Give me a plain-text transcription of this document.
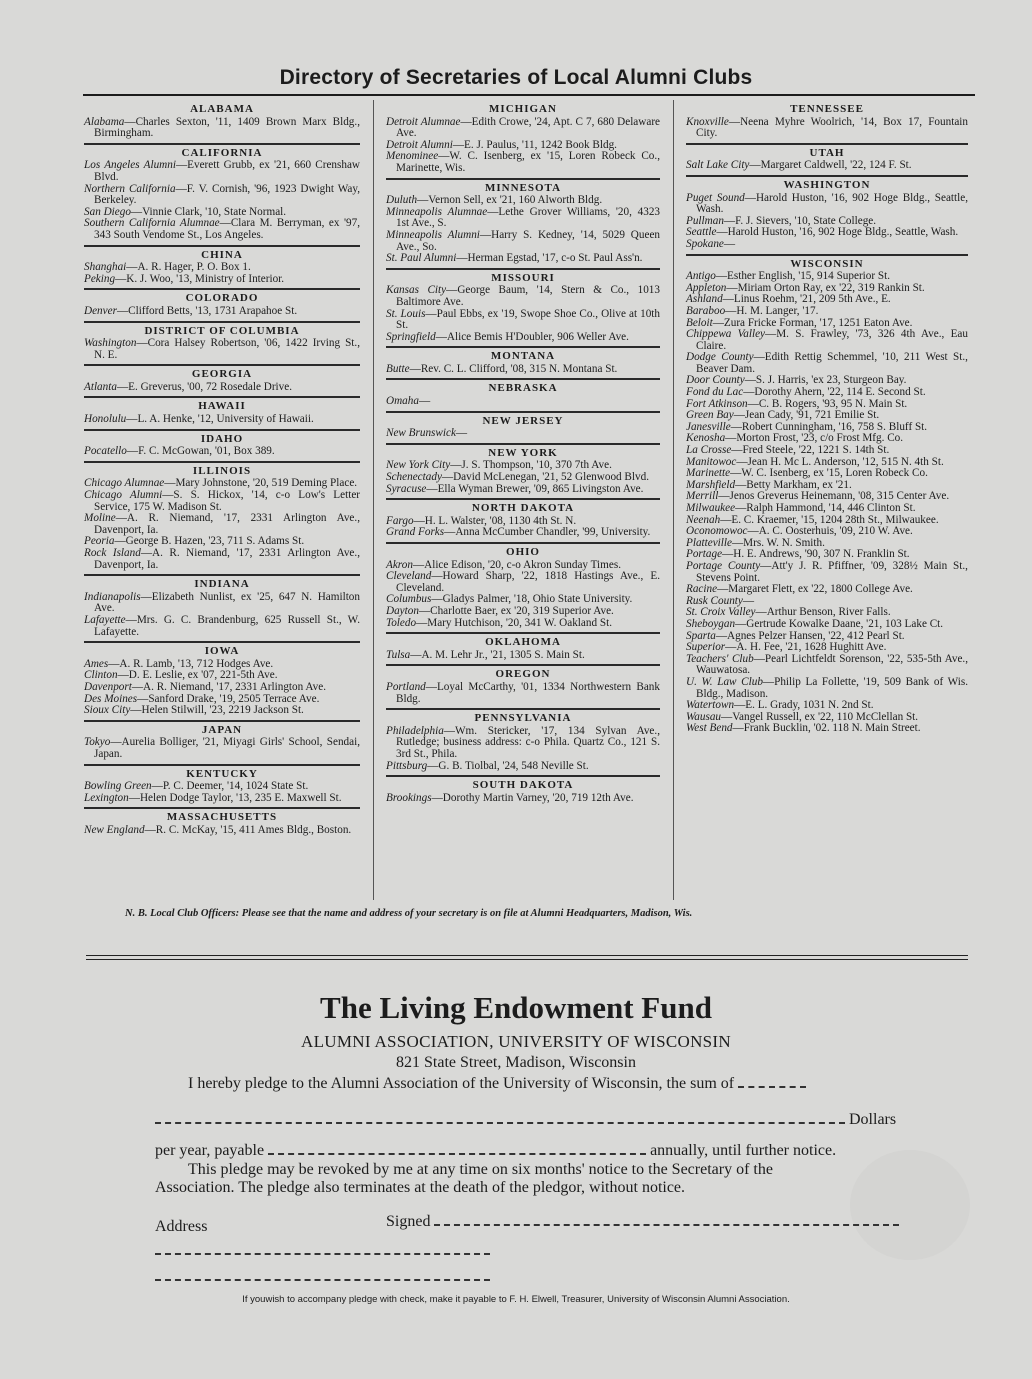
Directory of Secretaries of Local Alumni Clubs
ALABAMA
Alabama—Charles Sexton, '11, 1409 Brown Marx Bldg., Birmingham.
CALIFORNIA
Los Angeles Alumni—Everett Grubb, ex '21, 660 Crenshaw Blvd.
Northern California—F. V. Cornish, '96, 1923 Dwight Way, Berkeley.
San Diego—Vinnie Clark, '10, State Normal.
Southern California Alumnae—Clara M. Berryman, ex '97, 343 South Vendome St., Los Angeles.
CHINA
Shanghai—A. R. Hager, P. O. Box 1.
Peking—K. J. Woo, '13, Ministry of Interior.
COLORADO
Denver—Clifford Betts, '13, 1731 Arapahoe St.
DISTRICT OF COLUMBIA
Washington—Cora Halsey Robertson, '06, 1422 Irving St., N. E.
GEORGIA
Atlanta—E. Greverus, '00, 72 Rosedale Drive.
HAWAII
Honolulu—L. A. Henke, '12, University of Hawaii.
IDAHO
Pocatello—F. C. McGowan, '01, Box 389.
ILLINOIS
Chicago Alumnae—Mary Johnstone, '20, 519 Deming Place.
Chicago Alumni—S. S. Hickox, '14, c-o Low's Letter Service, 175 W. Madison St.
Moline—A. R. Niemand, '17, 2331 Arlington Ave., Davenport, Ia.
Peoria—George B. Hazen, '23, 711 S. Adams St.
Rock Island—A. R. Niemand, '17, 2331 Arlington Ave., Davenport, Ia.
INDIANA
Indianapolis—Elizabeth Nunlist, ex '25, 647 N. Hamilton Ave.
Lafayette—Mrs. G. C. Brandenburg, 625 Russell St., W. Lafayette.
IOWA
Ames—A. R. Lamb, '13, 712 Hodges Ave.
Clinton—D. E. Leslie, ex '07, 221-5th Ave.
Davenport—A. R. Niemand, '17, 2331 Arlington Ave.
Des Moines—Sanford Drake, '19, 2505 Terrace Ave.
Sioux City—Helen Stilwill, '23, 2219 Jackson St.
JAPAN
Tokyo—Aurelia Bolliger, '21, Miyagi Girls' School, Sendai, Japan.
KENTUCKY
Bowling Green—P. C. Deemer, '14, 1024 State St.
Lexington—Helen Dodge Taylor, '13, 235 E. Maxwell St.
MASSACHUSETTS
New England—R. C. McKay, '15, 411 Ames Bldg., Boston.
MICHIGAN
Detroit Alumnae—Edith Crowe, '24, Apt. C 7, 680 Delaware Ave.
Detroit Alumni—E. J. Paulus, '11, 1242 Book Bldg.
Menominee—W. C. Isenberg, ex '15, Loren Robeck Co., Marinette, Wis.
MINNESOTA
Duluth—Vernon Sell, ex '21, 160 Alworth Bldg.
Minneapolis Alumnae—Lethe Grover Williams, '20, 4323 1st Ave., S.
Minneapolis Alumni—Harry S. Kedney, '14, 5029 Queen Ave., So.
St. Paul Alumni—Herman Egstad, '17, c-o St. Paul Ass'n.
MISSOURI
Kansas City—George Baum, '14, Stern & Co., 1013 Baltimore Ave.
St. Louis—Paul Ebbs, ex '19, Swope Shoe Co., Olive at 10th St.
Springfield—Alice Bemis H'Doubler, 906 Weller Ave.
MONTANA
Butte—Rev. C. L. Clifford, '08, 315 N. Montana St.
NEBRASKA
Omaha—
NEW JERSEY
New Brunswick—
NEW YORK
New York City—J. S. Thompson, '10, 370 7th Ave.
Schenectady—David McLenegan, '21, 52 Glenwood Blvd.
Syracuse—Ella Wyman Brewer, '09, 865 Livingston Ave.
NORTH DAKOTA
Fargo—H. L. Walster, '08, 1130 4th St. N.
Grand Forks—Anna McCumber Chandler, '99, University.
OHIO
Akron—Alice Edison, '20, c-o Akron Sunday Times.
Cleveland—Howard Sharp, '22, 1818 Hastings Ave., E. Cleveland.
Columbus—Gladys Palmer, '18, Ohio State University.
Dayton—Charlotte Baer, ex '20, 319 Superior Ave.
Toledo—Mary Hutchison, '20, 341 W. Oakland St.
OKLAHOMA
Tulsa—A. M. Lehr Jr., '21, 1305 S. Main St.
OREGON
Portland—Loyal McCarthy, '01, 1334 Northwestern Bank Bldg.
PENNSYLVANIA
Philadelphia—Wm. Stericker, '17, 134 Sylvan Ave., Rutledge; business address: c-o Phila. Quartz Co., 121 S. 3rd St., Phila.
Pittsburg—G. B. Tiolbal, '24, 548 Neville St.
SOUTH DAKOTA
Brookings—Dorothy Martin Varney, '20, 719 12th Ave.
TENNESSEE
Knoxville—Neena Myhre Woolrich, '14, Box 17, Fountain City.
UTAH
Salt Lake City—Margaret Caldwell, '22, 124 F. St.
WASHINGTON
Puget Sound—Harold Huston, '16, 902 Hoge Bldg., Seattle, Wash.
Pullman—F. J. Sievers, '10, State College.
Seattle—Harold Huston, '16, 902 Hoge Bldg., Seattle, Wash.
Spokane—
WISCONSIN
Antigo—Esther English, '15, 914 Superior St.
Appleton—Miriam Orton Ray, ex '22, 319 Rankin St.
Ashland—Linus Roehm, '21, 209 5th Ave., E.
Baraboo—H. M. Langer, '17.
Beloit—Zura Fricke Forman, '17, 1251 Eaton Ave.
Chippewa Valley—M. S. Frawley, '73, 326 4th Ave., Eau Claire.
Dodge County—Edith Rettig Schemmel, '10, 211 West St., Beaver Dam.
Door County—S. J. Harris, 'ex 23, Sturgeon Bay.
Fond du Lac—Dorothy Ahern, '22, 114 E. Second St.
Fort Atkinson—C. B. Rogers, '93, 95 N. Main St.
Green Bay—Jean Cady, '91, 721 Emilie St.
Janesville—Robert Cunningham, '16, 758 S. Bluff St.
Kenosha—Morton Frost, '23, c/o Frost Mfg. Co.
La Crosse—Fred Steele, '22, 1221 S. 14th St.
Manitowoc—Jean H. Mc L. Anderson, '12, 515 N. 4th St.
Marinette—W. C. Isenberg, ex '15, Loren Robeck Co.
Marshfield—Betty Markham, ex '21.
Merrill—Jenos Greverus Heinemann, '08, 315 Center Ave.
Milwaukee—Ralph Hammond, '14, 446 Clinton St.
Neenah—E. C. Kraemer, '15, 1204 28th St., Milwaukee.
Oconomowoc—A. C. Oosterhuis, '09, 210 W. Ave.
Platteville—Mrs. W. N. Smith.
Portage—H. E. Andrews, '90, 307 N. Franklin St.
Portage County—Att'y J. R. Pfiffner, '09, 328½ Main St., Stevens Point.
Racine—Margaret Flett, ex '22, 1800 College Ave.
Rusk County—
St. Croix Valley—Arthur Benson, River Falls.
Sheboygan—Gertrude Kowalke Daane, '21, 103 Lake Ct.
Sparta—Agnes Pelzer Hansen, '22, 412 Pearl St.
Superior—A. H. Fee, '21, 1628 Hughitt Ave.
Teachers' Club—Pearl Lichtfeldt Sorenson, '22, 535-5th Ave., Wauwatosa.
U. W. Law Club—Philip La Follette, '19, 509 Bank of Wis. Bldg., Madison.
Watertown—E. L. Grady, 1031 N. 2nd St.
Wausau—Vangel Russell, ex '22, 110 McClellan St.
West Bend—Frank Bucklin, '02. 118 N. Main Street.
N. B. Local Club Officers: Please see that the name and address of your secretary is on file at Alumni Headquarters, Madison, Wis.
The Living Endowment Fund
ALUMNI ASSOCIATION, UNIVERSITY OF WISCONSIN
821 State Street, Madison, Wisconsin
I hereby pledge to the Alumni Association of the University of Wisconsin, the sum of
Dollars
per year, payable	annually, until further notice.
This pledge may be revoked by me at any time on six months' notice to the Secretary of the
Association. The pledge also terminates at the death of the pledgor, without notice.
Address	Signed
If youwish to accompany pledge with check, make it payable to F. H. Elwell, Treasurer, University of Wisconsin Alumni Association.
